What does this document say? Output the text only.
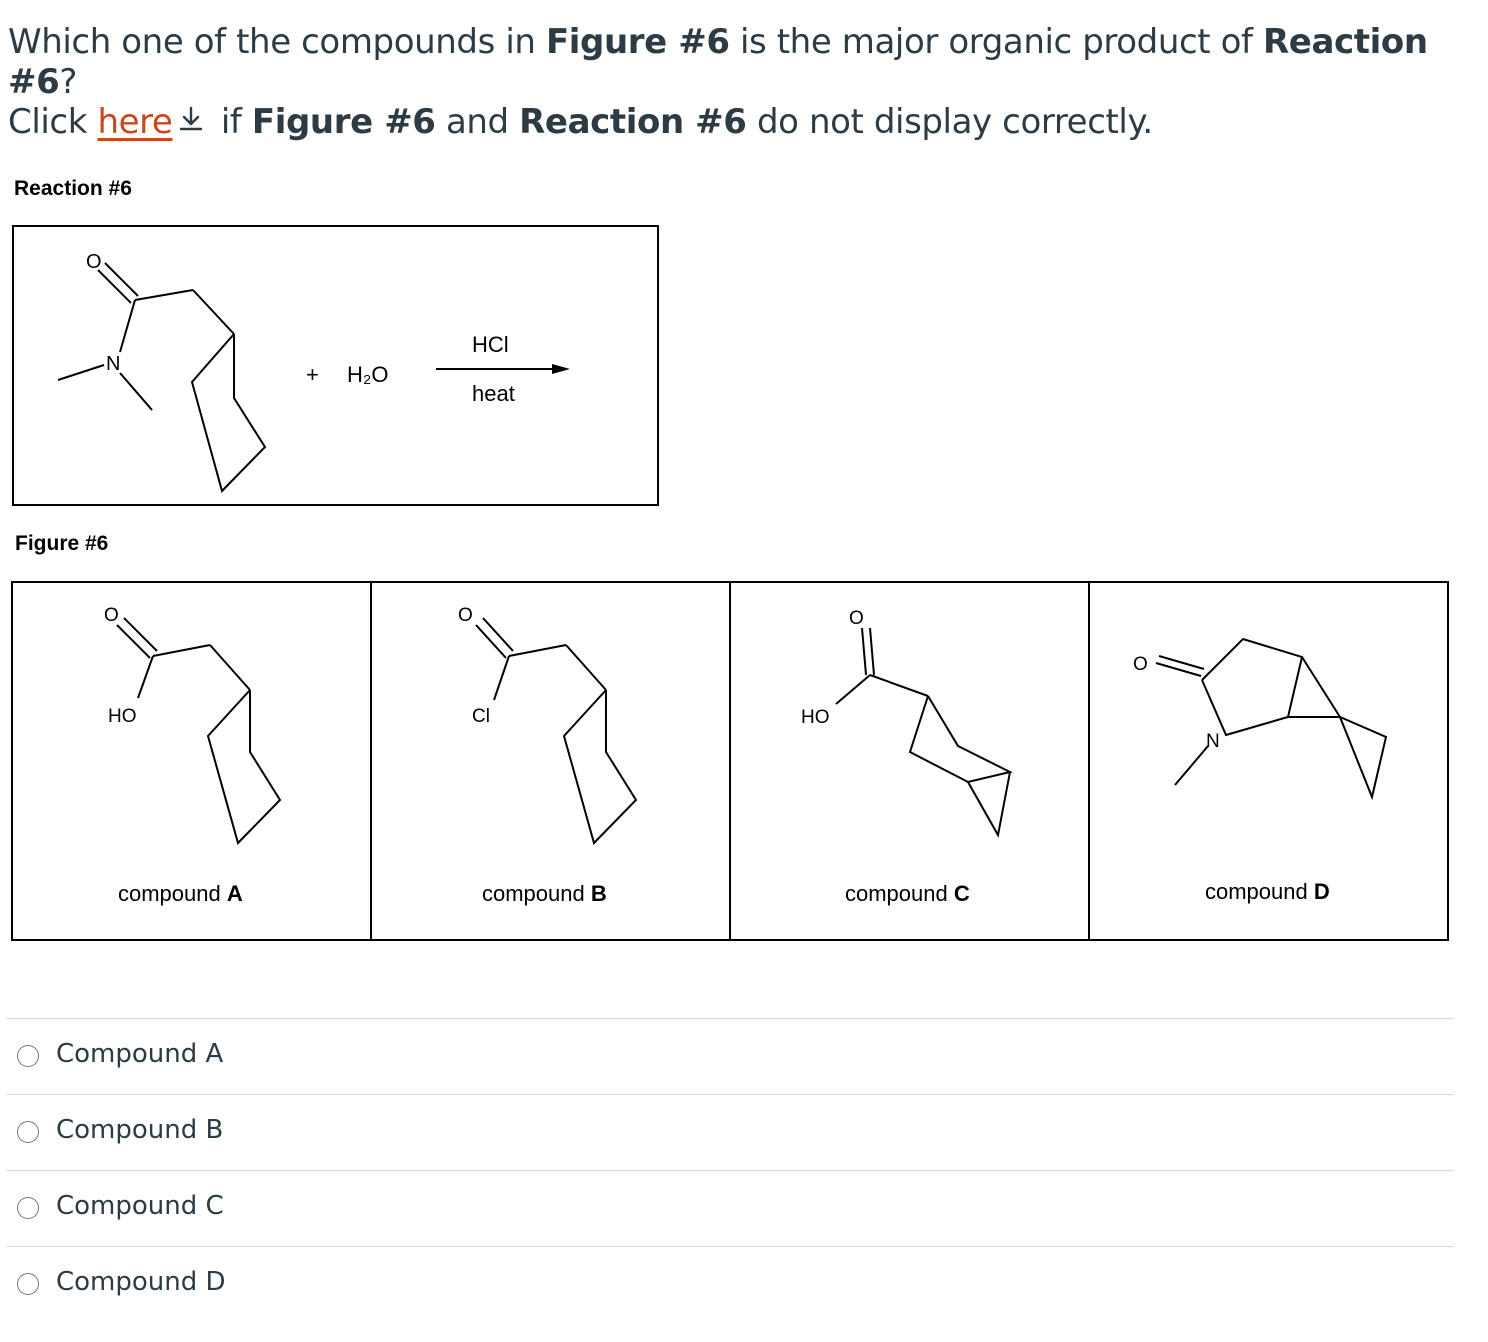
Which one of the compounds in Figure #6 is the major organic product of Reaction #6?
Click here if Figure #6 and Reaction #6 do not display correctly.
Reaction #6
O
N	+ H₂O
HCl
heat
Figure #6
O
HO
compound A
O
Cl
compound B
O
HO
compound C
O
N
compound D
Compound A
Compound B
Compound C
Compound D
